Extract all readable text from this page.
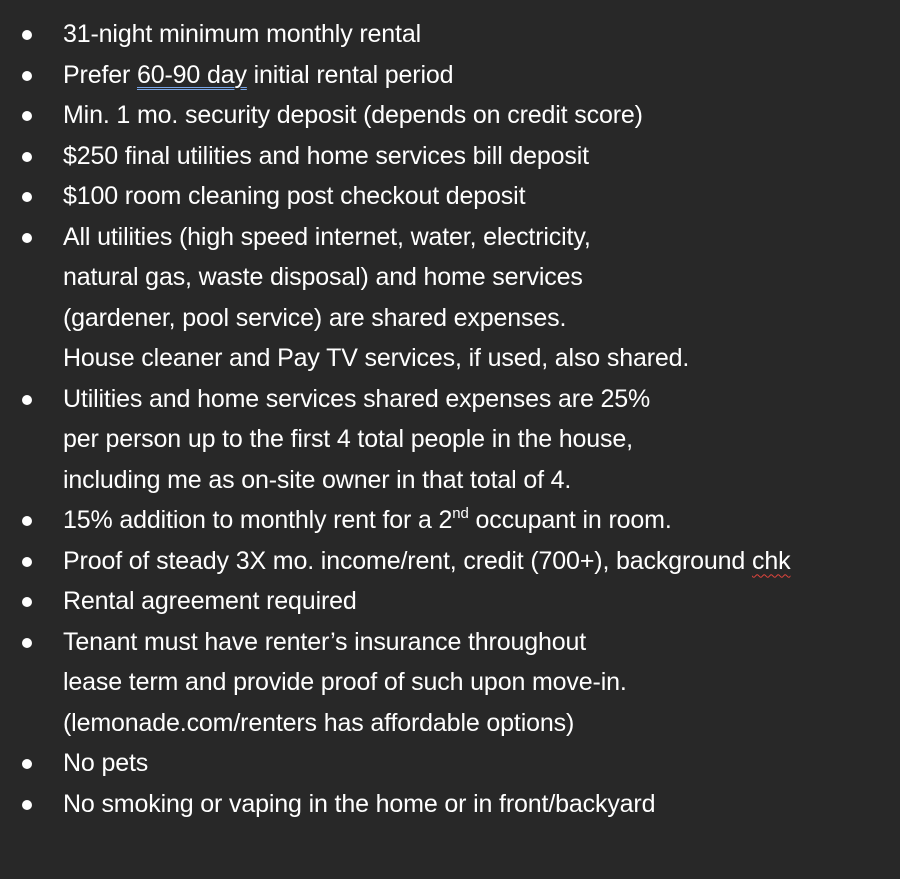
31-night minimum monthly rental
Prefer 60-90 day initial rental period
Min. 1 mo. security deposit (depends on credit score)
$250 final utilities and home services bill deposit
$100 room cleaning post checkout deposit
All utilities (high speed internet, water, electricity,
natural gas, waste disposal) and home services
(gardener, pool service) are shared expenses.
House cleaner and Pay TV services, if used, also shared.
Utilities and home services shared expenses are 25%
per person up to the first 4 total people in the house,
including me as on-site owner in that total of 4.
15% addition to monthly rent for a 2nd occupant in room.
Proof of steady 3X mo. income/rent, credit (700+), background chk
Rental agreement required
Tenant must have renter’s insurance throughout
lease term and provide proof of such upon move-in.
(lemonade.com/renters has affordable options)
No pets
No smoking or vaping in the home or in front/backyard
